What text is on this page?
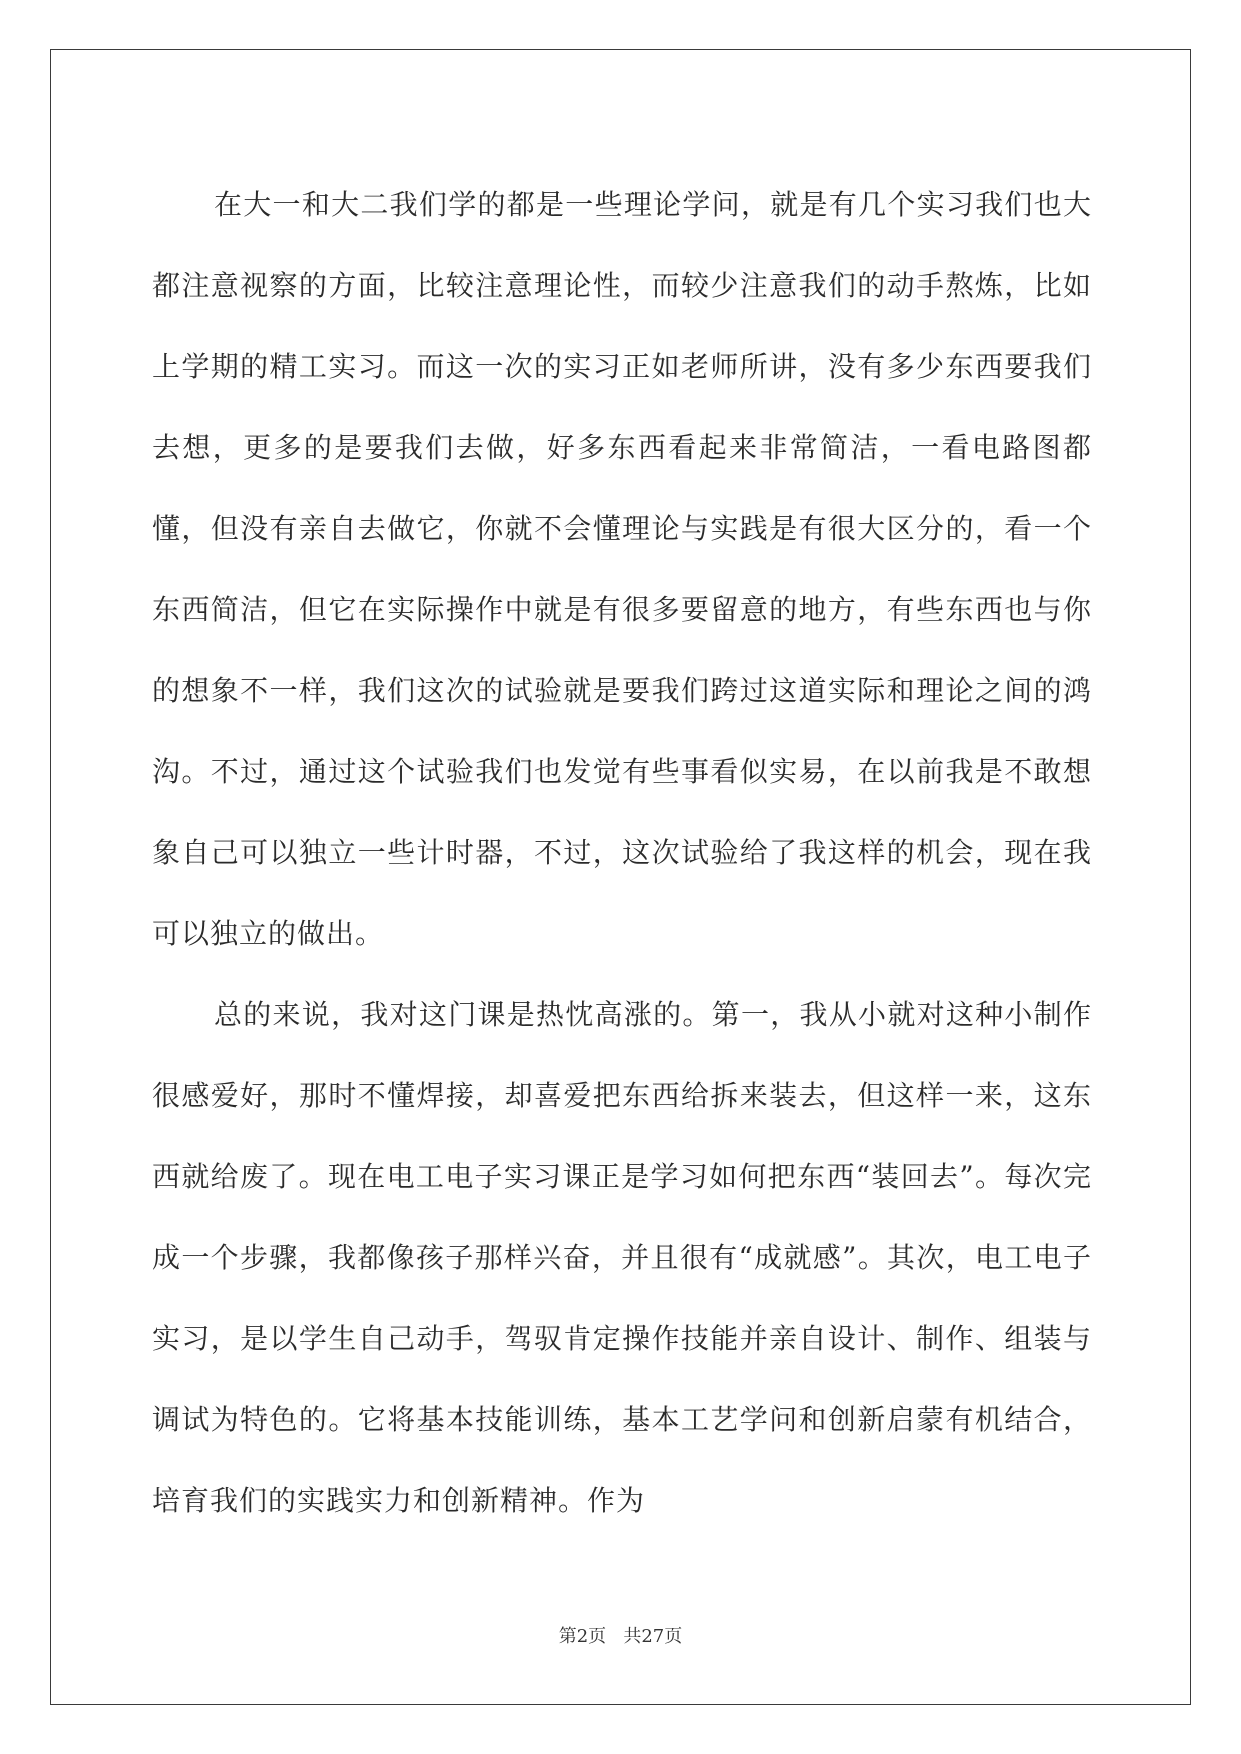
在大一和大二我们学的都是一些理论学问，就是有几个实习我们也大都注意视察的方面，比较注意理论性，而较少注意我们的动手熬炼，比如上学期的精工实习。而这一次的实习正如老师所讲，没有多少东西要我们去想，更多的是要我们去做，好多东西看起来非常简洁，一看电路图都懂，但没有亲自去做它，你就不会懂理论与实践是有很大区分的，看一个东西简洁，但它在实际操作中就是有很多要留意的地方，有些东西也与你的想象不一样，我们这次的试验就是要我们跨过这道实际和理论之间的鸿沟。不过，通过这个试验我们也发觉有些事看似实易，在以前我是不敢想象自己可以独立一些计时器，不过，这次试验给了我这样的机会，现在我可以独立的做出。

总的来说，我对这门课是热忱高涨的。第一，我从小就对这种小制作很感爱好，那时不懂焊接，却喜爱把东西给拆来装去，但这样一来，这东西就给废了。现在电工电子实习课正是学习如何把东西“装回去”。每次完成一个步骤，我都像孩子那样兴奋，并且很有“成就感”。其次，电工电子实习，是以学生自己动手，驾驭肯定操作技能并亲自设计、制作、组装与调试为特色的。它将基本技能训练，基本工艺学问和创新启蒙有机结合，培育我们的实践实力和创新精神。作为

第2页   共27页
